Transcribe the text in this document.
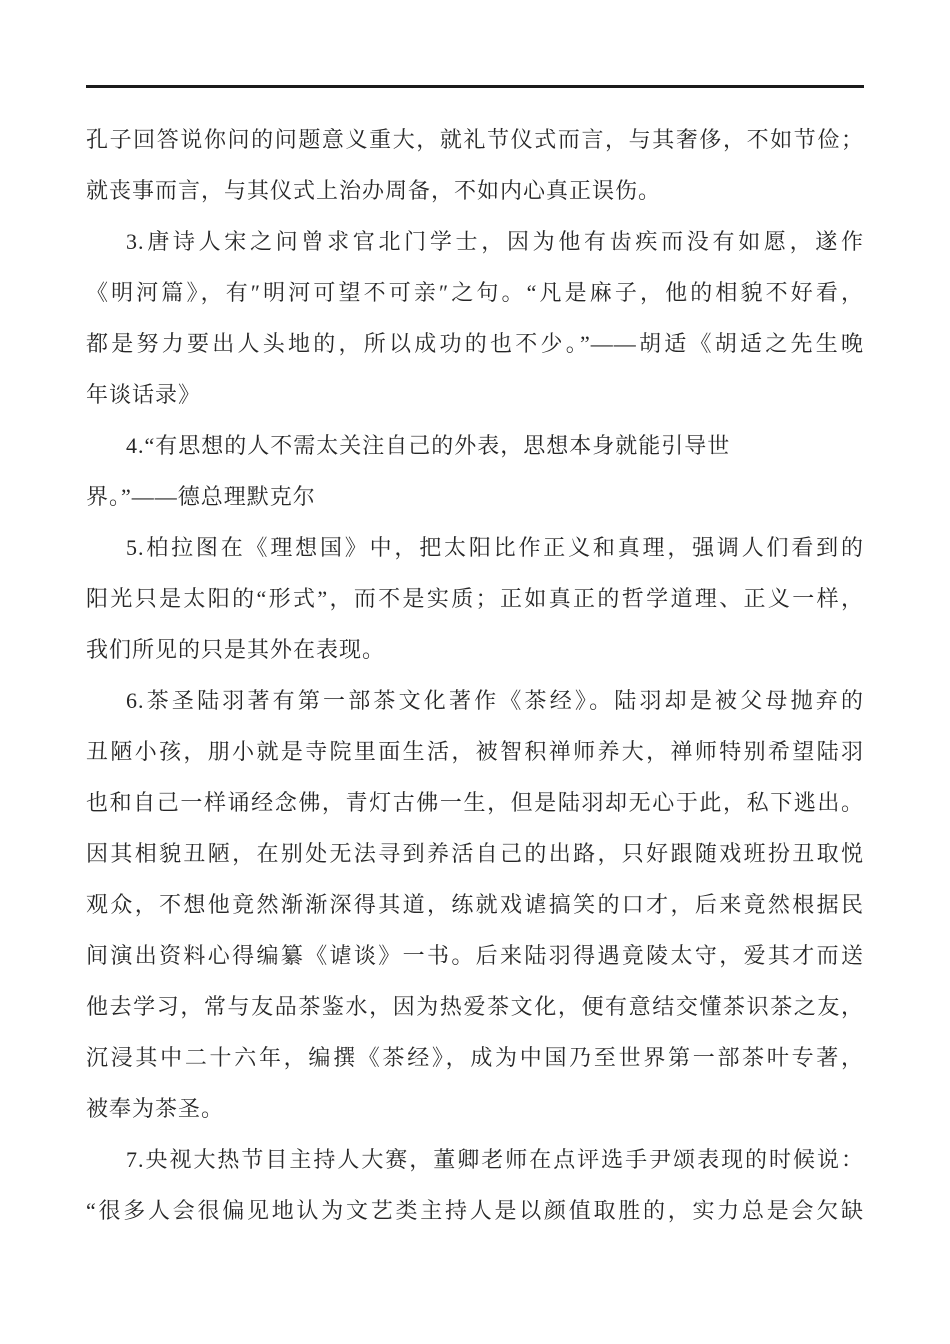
孔子回答说你问的问题意义重大，就礼节仪式而言，与其奢侈，不如节俭；
就丧事而言，与其仪式上治办周备，不如内心真正误伤。

3.唐诗人宋之问曾求官北门学士，因为他有齿疾而没有如愿，遂作
《明河篇》，有″明河可望不可亲″之句。“凡是麻子，他的相貌不好看，
都是努力要出人头地的，所以成功的也不少。”——胡适《胡适之先生晚
年谈话录》

4.“有思想的人不需太关注自己的外表，思想本身就能引导世
界。”——德总理默克尔

5.柏拉图在《理想国》中，把太阳比作正义和真理，强调人们看到的
阳光只是太阳的“形式”，而不是实质；正如真正的哲学道理、正义一样，
我们所见的只是其外在表现。

6.茶圣陆羽著有第一部茶文化著作《茶经》。陆羽却是被父母抛弃的
丑陋小孩，朋小就是寺院里面生活，被智积禅师养大，禅师特别希望陆羽
也和自己一样诵经念佛，青灯古佛一生，但是陆羽却无心于此，私下逃出。
因其相貌丑陋，在别处无法寻到养活自己的出路，只好跟随戏班扮丑取悦
观众，不想他竟然渐渐深得其道，练就戏谑搞笑的口才，后来竟然根据民
间演出资料心得编纂《谑谈》一书。后来陆羽得遇竟陵太守，爱其才而送
他去学习，常与友品茶鉴水，因为热爱茶文化，便有意结交懂茶识茶之友，
沉浸其中二十六年，编撰《茶经》，成为中国乃至世界第一部茶叶专著，
被奉为茶圣。

7.央视大热节目主持人大赛，董卿老师在点评选手尹颂表现的时候说：
“很多人会很偏见地认为文艺类主持人是以颜值取胜的，实力总是会欠缺
